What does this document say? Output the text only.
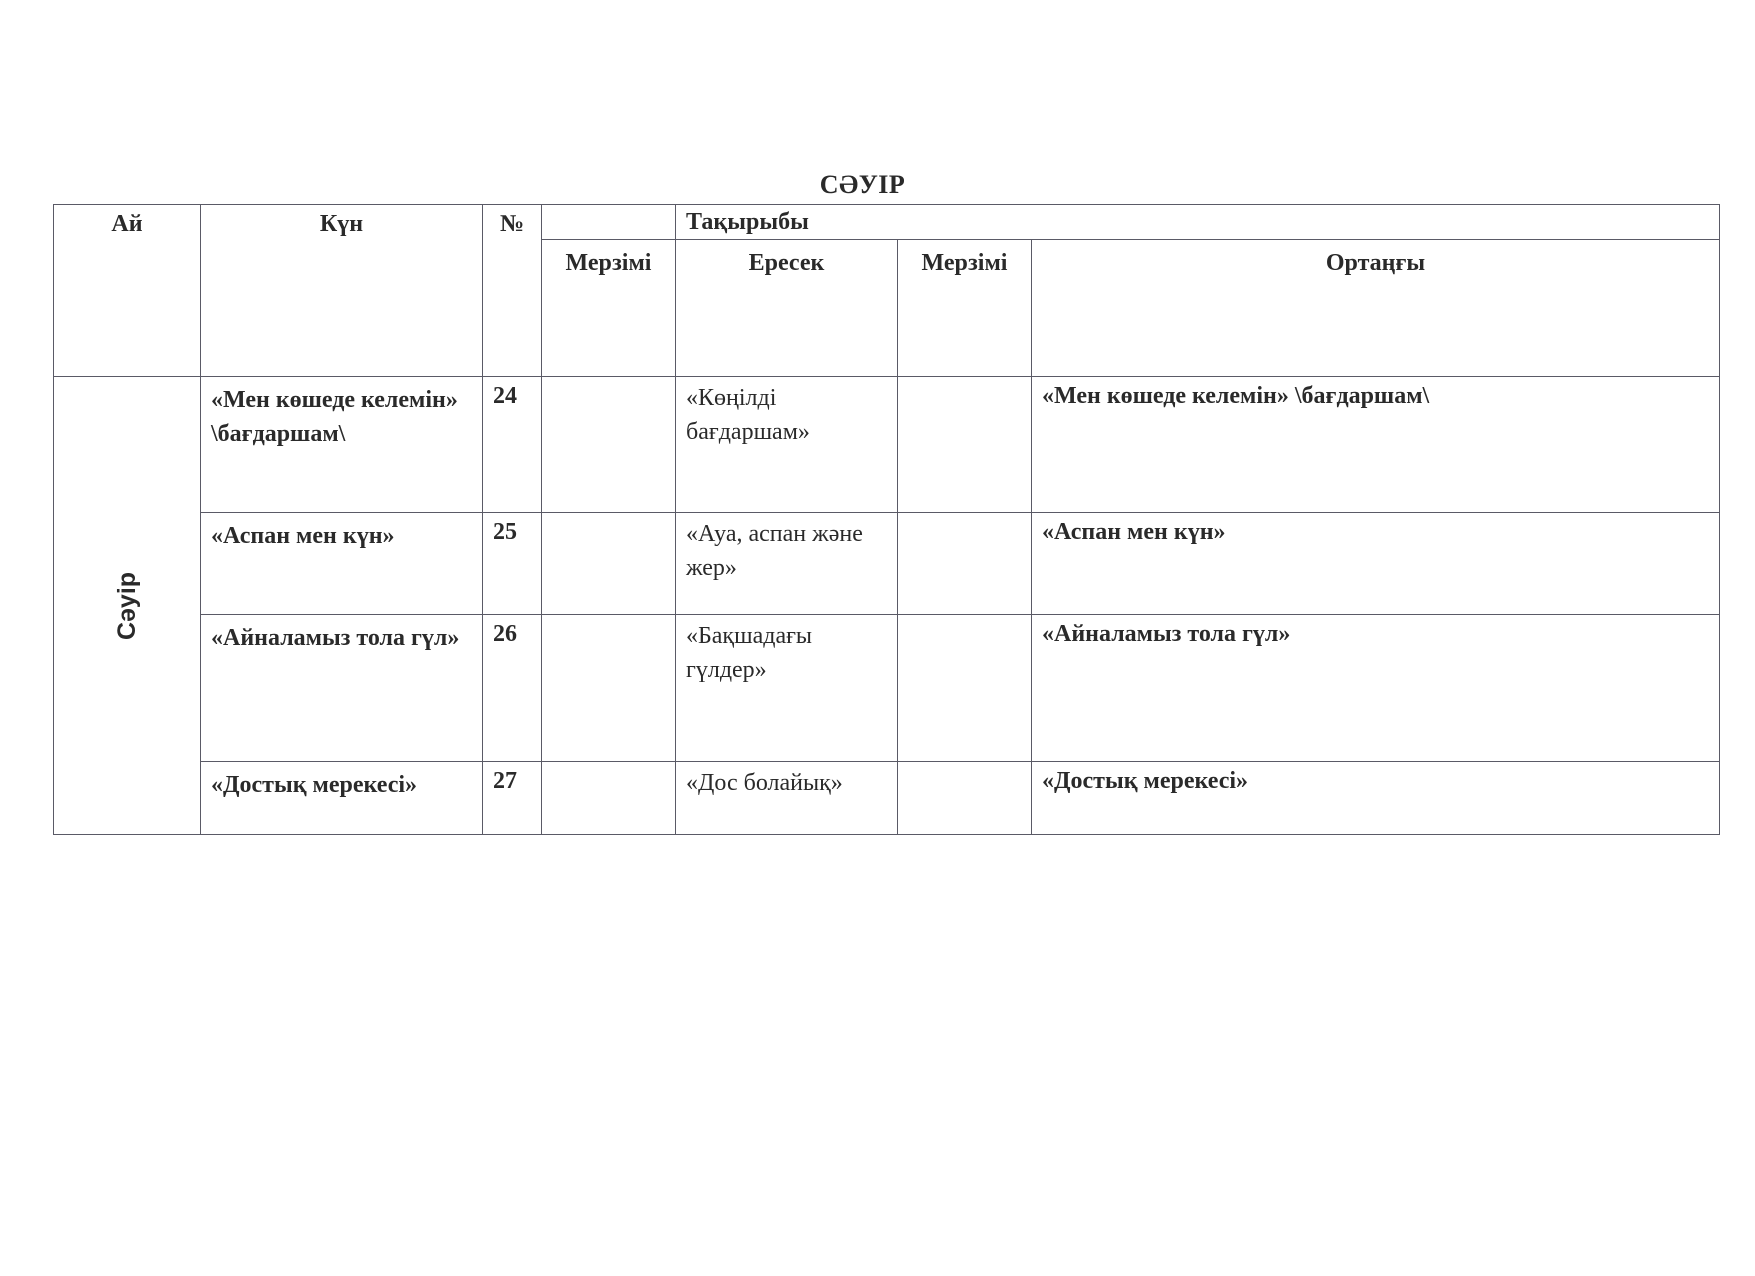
СӘУІР
Ай	Күн	№		Тақырыбы		
			Мерзімі	Ересек	Мерзімі	Ортаңғы

Сәуір	«Мен көшеде келемін» \бағдаршам\	24		«Көңілді бағдаршам»		«Мен көшеде келемін» \бағдаршам\
	«Аспан мен күн»	25		«Ауа, аспан және жер»		«Аспан мен күн»
	«Айналамыз тола гүл»	26		«Бақшадағы гүлдер»		«Айналамыз тола гүл»
	«Достық мерекесі»	27		«Дос болайық»		«Достық мерекесі»
